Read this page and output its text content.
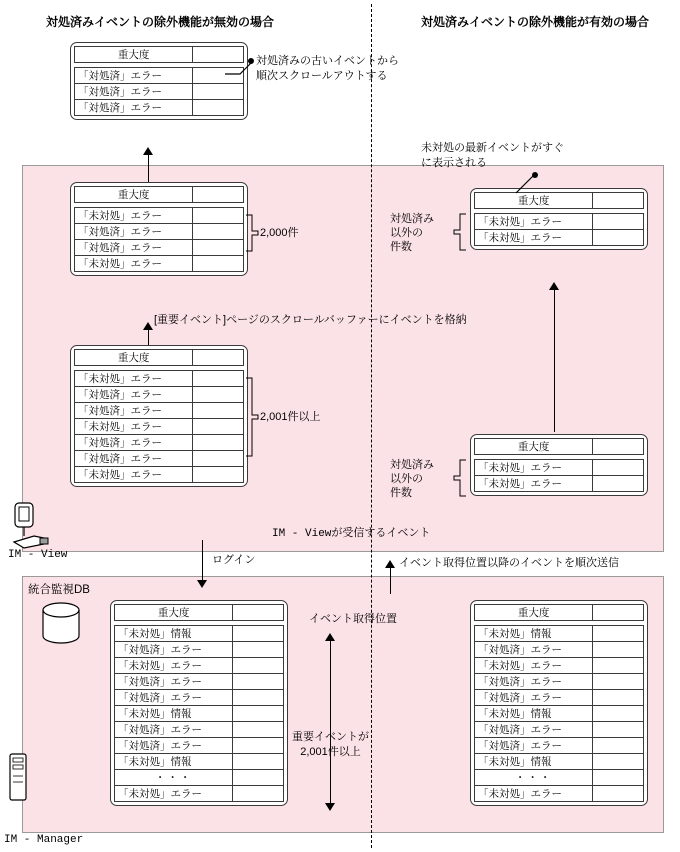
対処済みイベントの除外機能が無効の場合	対処済みイベントの除外機能が有効の場合
重大度	

「対処済」エラー	
「対処済」エラー	
「対処済」エラー	
対処済みの古いイベントから
順次スクロールアウトする
重大度	

「未対処」エラー	
「対処済」エラー	
「対処済」エラー	
「未対処」エラー	
2,000件
[重要イベント]ページのスクロールバッファーにイベントを格納
重大度	

「未対処」エラー	
「対処済」エラー	
「対処済」エラー	
「未対処」エラー	
「対処済」エラー	
「対処済」エラー	
「未対処」エラー	
2,001件以上
重大度	

「未対処」エラー	
「未対処」エラー	
未対処の最新イベントがすぐ
に表示される
対処済み
以外の
件数
重大度	

「未対処」エラー	
「未対処」エラー	
対処済み
以外の
件数
IM - Viewが受信するイベント
IM - View	ログイン	イベント取得位置以降のイベントを順次送信
統合監視DB
重大度	

「未対処」情報	
「対処済」エラー	
「未対処」エラー	
「対処済」エラー	
「対処済」エラー	
「未対処」情報	
「対処済」エラー	
「対処済」エラー	
「未対処」情報	
・・・	
「未対処」エラー	
重大度	

「未対処」情報	
「対処済」エラー	
「未対処」エラー	
「対処済」エラー	
「対処済」エラー	
「未対処」情報	
「対処済」エラー	
「対処済」エラー	
「未対処」情報	
・・・	
「未対処」エラー	
イベント取得位置
重要イベントが
2,001件以上
IM - Manager
